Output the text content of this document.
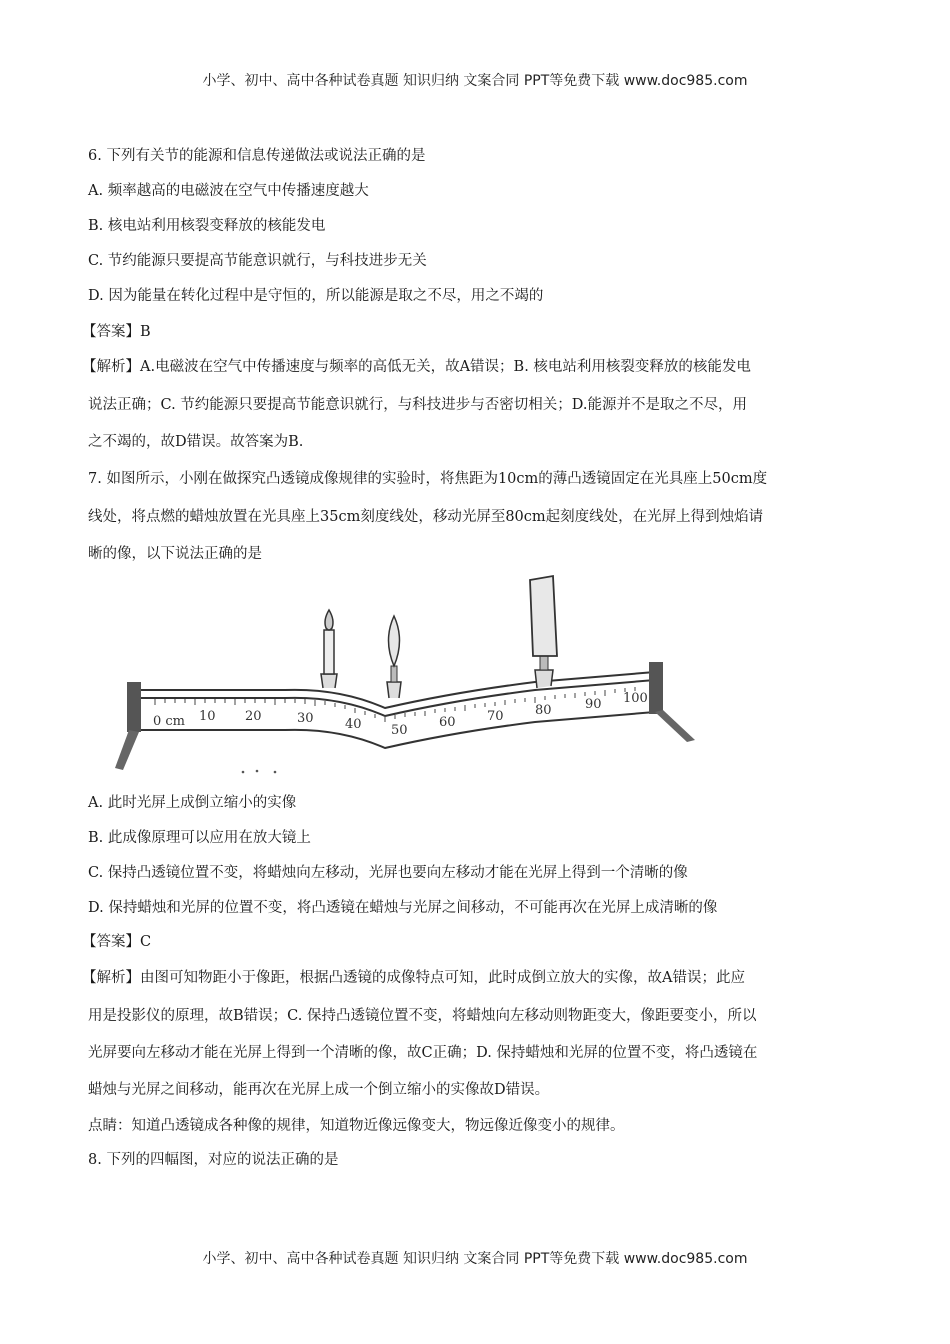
小学、初中、高中各种试卷真题 知识归纳 文案合同 PPT等免费下载 www.doc985.com
6. 下列有关节的能源和信息传递做法或说法正确的是
A. 频率越高的电磁波在空气中传播速度越大
B. 核电站利用核裂变释放的核能发电
C. 节约能源只要提高节能意识就行，与科技进步无关
D. 因为能量在转化过程中是守恒的，所以能源是取之不尽，用之不竭的
【答案】B
【解析】A.电磁波在空气中传播速度与频率的高低无关，故A错误；B. 核电站利用核裂变释放的核能发电
说法正确；C. 节约能源只要提高节能意识就行，与科技进步与否密切相关；D.能源并不是取之不尽，用
之不竭的，故D错误。故答案为B.
7. 如图所示，小刚在做探究凸透镜成像规律的实验时，将焦距为10cm的薄凸透镜固定在光具座上50cm度
线处，将点燃的蜡烛放置在光具座上35cm刻度线处，移动光屏至80cm起刻度线处，在光屏上得到烛焰请
晰的像，以下说法正确的是
0 cm 10 20	30 40 50
60 70 80	90 100
A. 此时光屏上成倒立缩小的实像
B. 此成像原理可以应用在放大镜上
C. 保持凸透镜位置不变，将蜡烛向左移动，光屏也要向左移动才能在光屏上得到一个清晰的像
D. 保持蜡烛和光屏的位置不变，将凸透镜在蜡烛与光屏之间移动，不可能再次在光屏上成清晰的像
【答案】C
【解析】由图可知物距小于像距，根据凸透镜的成像特点可知，此时成倒立放大的实像，故A错误；此应
用是投影仪的原理，故B错误；C. 保持凸透镜位置不变，将蜡烛向左移动则物距变大，像距要变小，所以
光屏要向左移动才能在光屏上得到一个清晰的像，故C正确；D. 保持蜡烛和光屏的位置不变，将凸透镜在
蜡烛与光屏之间移动，能再次在光屏上成一个倒立缩小的实像故D错误。
点睛：知道凸透镜成各种像的规律，知道物近像远像变大，物远像近像变小的规律。
8. 下列的四幅图，对应的说法正确的是
小学、初中、高中各种试卷真题 知识归纳 文案合同 PPT等免费下载 www.doc985.com
